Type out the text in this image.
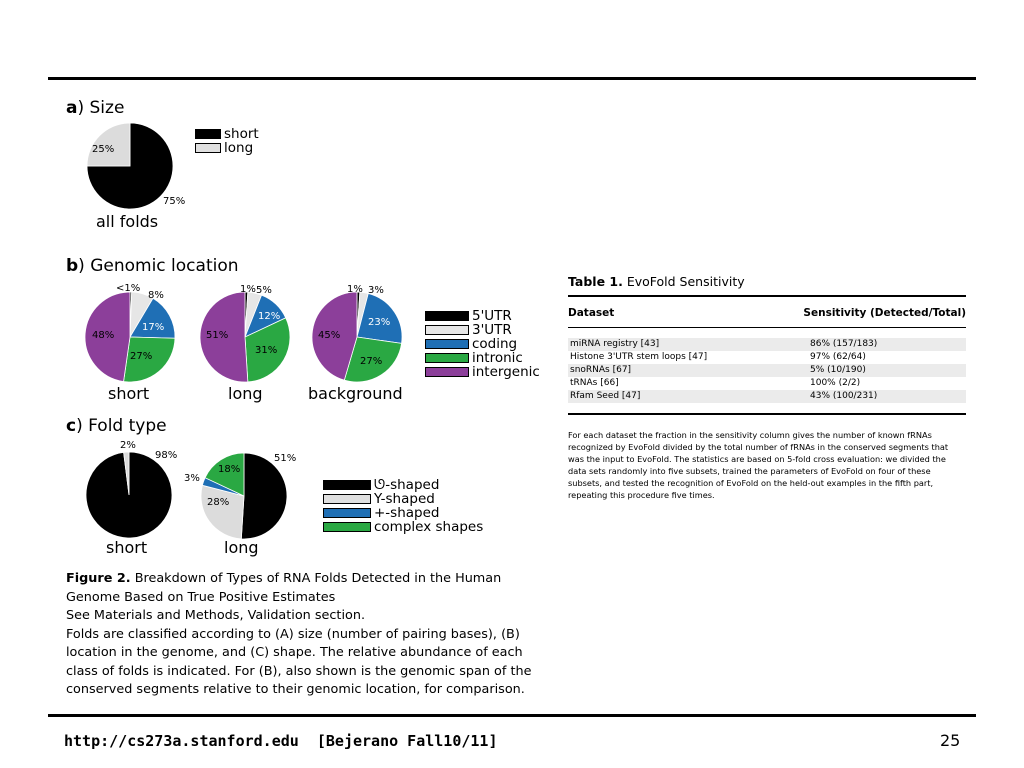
a) Size
25%
75%
all folds
short
long
b) Genomic location
<1%
8%
17%
27%
48%
1% 5%
12%
31%
51%
1% 3%
23%
27%
45%
short	long	background
5'UTR
3'UTR
coding
intronic
intergenic
c) Fold type
2%
98%	51%
28%
3%
18%
short	long
ᘎ-shaped
Y-shaped
+-shaped
complex shapes
Figure 2. Breakdown of Types of RNA Folds Detected in the Human Genome Based on True Positive Estimates
See Materials and Methods, Validation section.
Folds are classified according to (A) size (number of pairing bases), (B) location in the genome, and (C) shape. The relative abundance of each class of folds is indicated. For (B), also shown is the genomic span of the conserved segments relative to their genomic location, for comparison.
Table 1. EvoFold Sensitivity
Dataset	Sensitivity (Detected/Total)
miRNA registry [43]	86% (157/183)
Histone 3'UTR stem loops [47]	97% (62/64)
snoRNAs [67]	5% (10/190)
tRNAs [66]	100% (2/2)
Rfam Seed [47]	43% (100/231)
For each dataset the fraction in the sensitivity column gives the number of known fRNAs recognized by EvoFold divided by the total number of fRNAs in the conserved segments that was the input to EvoFold. The statistics are based on 5-fold cross evaluation: we divided the data sets randomly into five subsets, trained the parameters of EvoFold on four of these subsets, and tested the recognition of EvoFold on the held-out examples in the fifth part, repeating this procedure five times.
http://cs273a.stanford.edu  [Bejerano Fall10/11]	25
